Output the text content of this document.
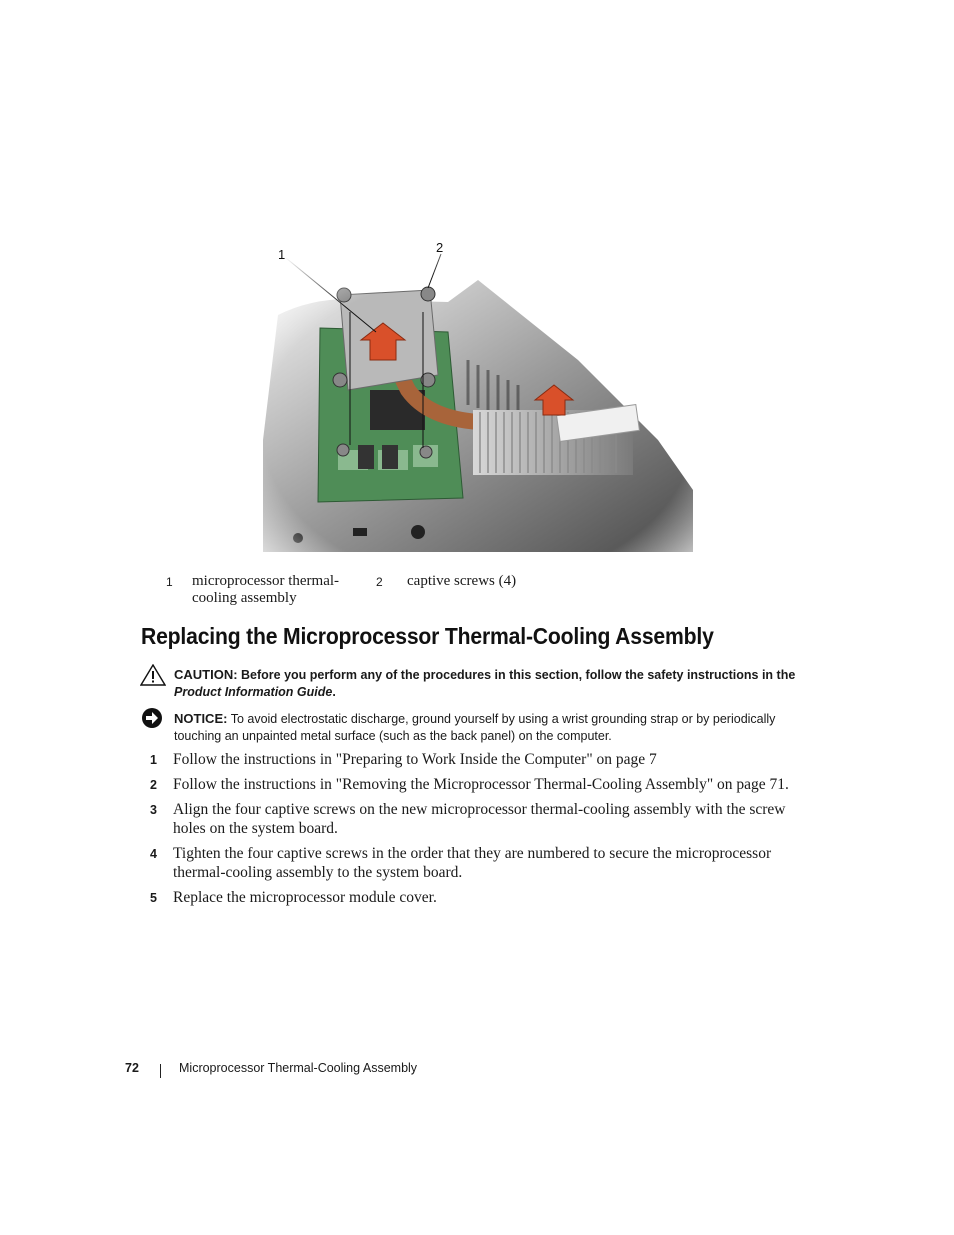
1	2
1 microprocessor thermal-cooling assembly
2 captive screws (4)
Replacing the Microprocessor Thermal-Cooling Assembly
CAUTION: Before you perform any of the procedures in this section, follow the safety instructions in the Product Information Guide.
NOTICE: To avoid electrostatic discharge, ground yourself by using a wrist grounding strap or by periodically touching an unpainted metal surface (such as the back panel) on the computer.
1 Follow the instructions in "Preparing to Work Inside the Computer" on page 7
2 Follow the instructions in "Removing the Microprocessor Thermal-Cooling Assembly" on page 71.
3 Align the four captive screws on the new microprocessor thermal-cooling assembly with the screw holes on the system board.
4 Tighten the four captive screws in the order that they are numbered to secure the microprocessor thermal-cooling assembly to the system board.
5 Replace the microprocessor module cover.
72	Microprocessor Thermal-Cooling Assembly
